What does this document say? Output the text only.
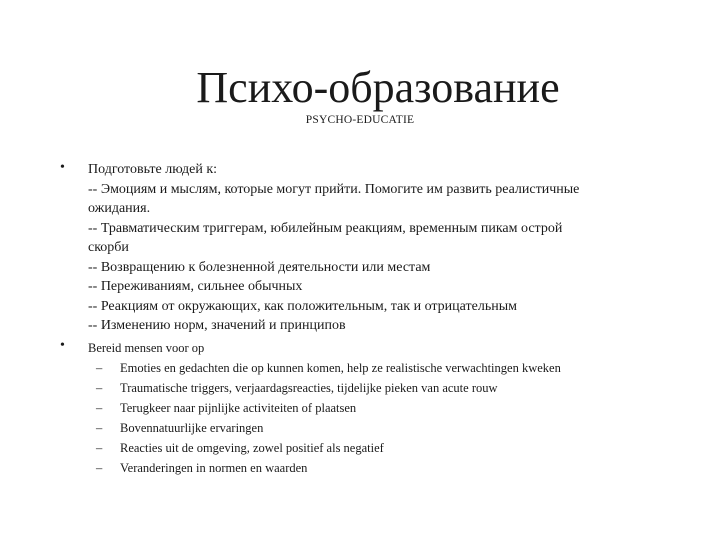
Психо-образование
PSYCHO-EDUCATIE
• Подготовьте людей к:
-- Эмоциям и мыслям, которые могут прийти. Помогите им развить реалистичные
ожидания.
-- Травматическим триггерам, юбилейным реакциям, временным пикам острой
скорби
-- Возвращению к болезненной деятельности или местам
-- Переживаниям, сильнее обычных
-- Реакциям от окружающих, как положительным, так и отрицательным
-- Изменению норм, значений и принципов
• Bereid mensen voor op
–	Emoties en gedachten die op kunnen komen, help ze realistische verwachtingen kweken
–	Traumatische triggers, verjaardagsreacties, tijdelijke pieken van acute rouw
–	Terugkeer naar pijnlijke activiteiten of plaatsen
–	Bovennatuurlijke ervaringen
–	Reacties uit de omgeving, zowel positief als negatief
–	Veranderingen in normen en waarden
